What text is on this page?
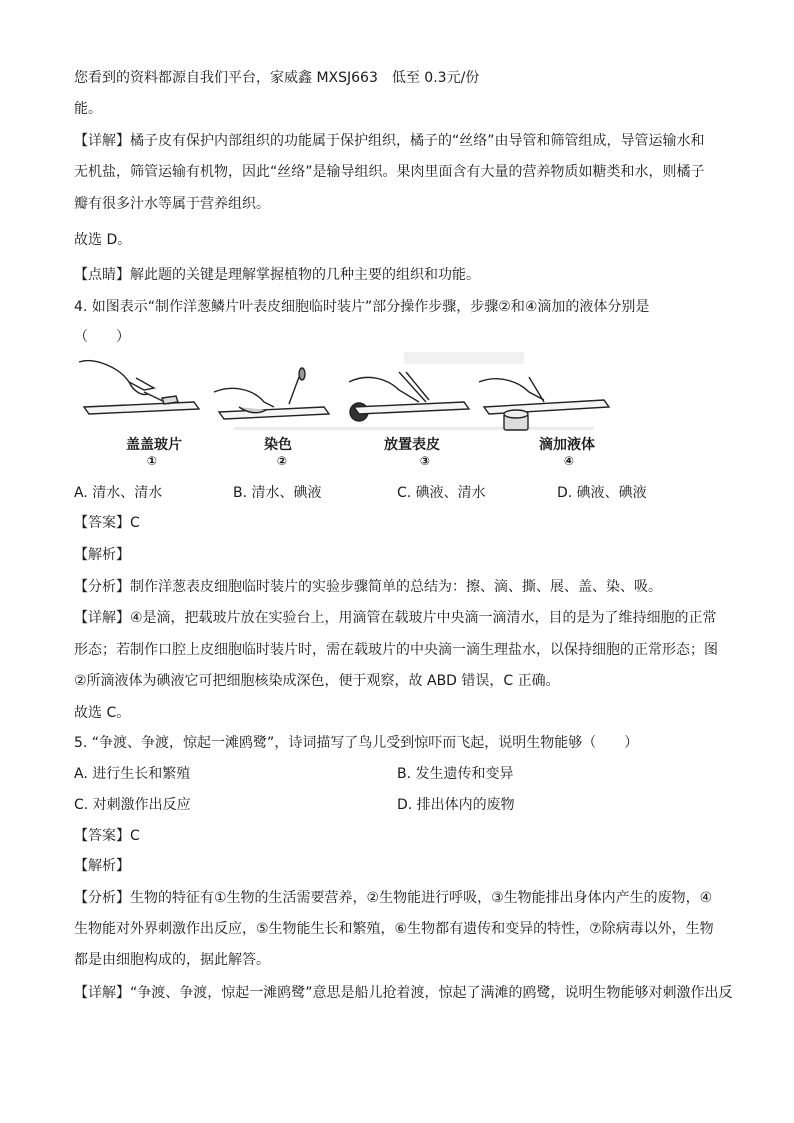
您看到的资料都源自我们平台，家威鑫 MXSJ663　低至 0.3元/份
能。
【详解】橘子皮有保护内部组织的功能属于保护组织，橘子的“丝络”由导管和筛管组成，导管运输水和
无机盐，筛管运输有机物，因此“丝络”是输导组织。果肉里面含有大量的营养物质如糖类和水，则橘子
瓣有很多汁水等属于营养组织。
故选 D。
【点睛】解此题的关键是理解掌握植物的几种主要的组织和功能。
4. 如图表示“制作洋葱鳞片叶表皮细胞临时装片”部分操作步骤，步骤②和④滴加的液体分别是
（　　）
盖盖玻片	染色	放置表皮	滴加液体
①	②	③	④
A. 清水、清水	B. 清水、碘液	C. 碘液、清水	D. 碘液、碘液
【答案】C
【解析】
【分析】制作洋葱表皮细胞临时装片的实验步骤简单的总结为：擦、滴、撕、展、盖、染、吸。
【详解】④是滴，把载玻片放在实验台上，用滴管在载玻片中央滴一滴清水，目的是为了维持细胞的正常
形态；若制作口腔上皮细胞临时装片时，需在载玻片的中央滴一滴生理盐水，以保持细胞的正常形态；图
②所滴液体为碘液它可把细胞核染成深色，便于观察，故 ABD 错误，C 正确。
故选 C。
5. “争渡、争渡，惊起一滩鸥鹭”，诗词描写了鸟儿受到惊吓而飞起，说明生物能够（　　）
A. 进行生长和繁殖	B. 发生遗传和变异
C. 对刺激作出反应	D. 排出体内的废物
【答案】C
【解析】
【分析】生物的特征有①生物的生活需要营养，②生物能进行呼吸，③生物能排出身体内产生的废物，④
生物能对外界刺激作出反应，⑤生物能生长和繁殖，⑥生物都有遗传和变异的特性，⑦除病毒以外，生物
都是由细胞构成的，据此解答。
【详解】“争渡、争渡，惊起一滩鸥鹭”意思是船儿抢着渡，惊起了满滩的鸥鹭，说明生物能够对刺激作出反
